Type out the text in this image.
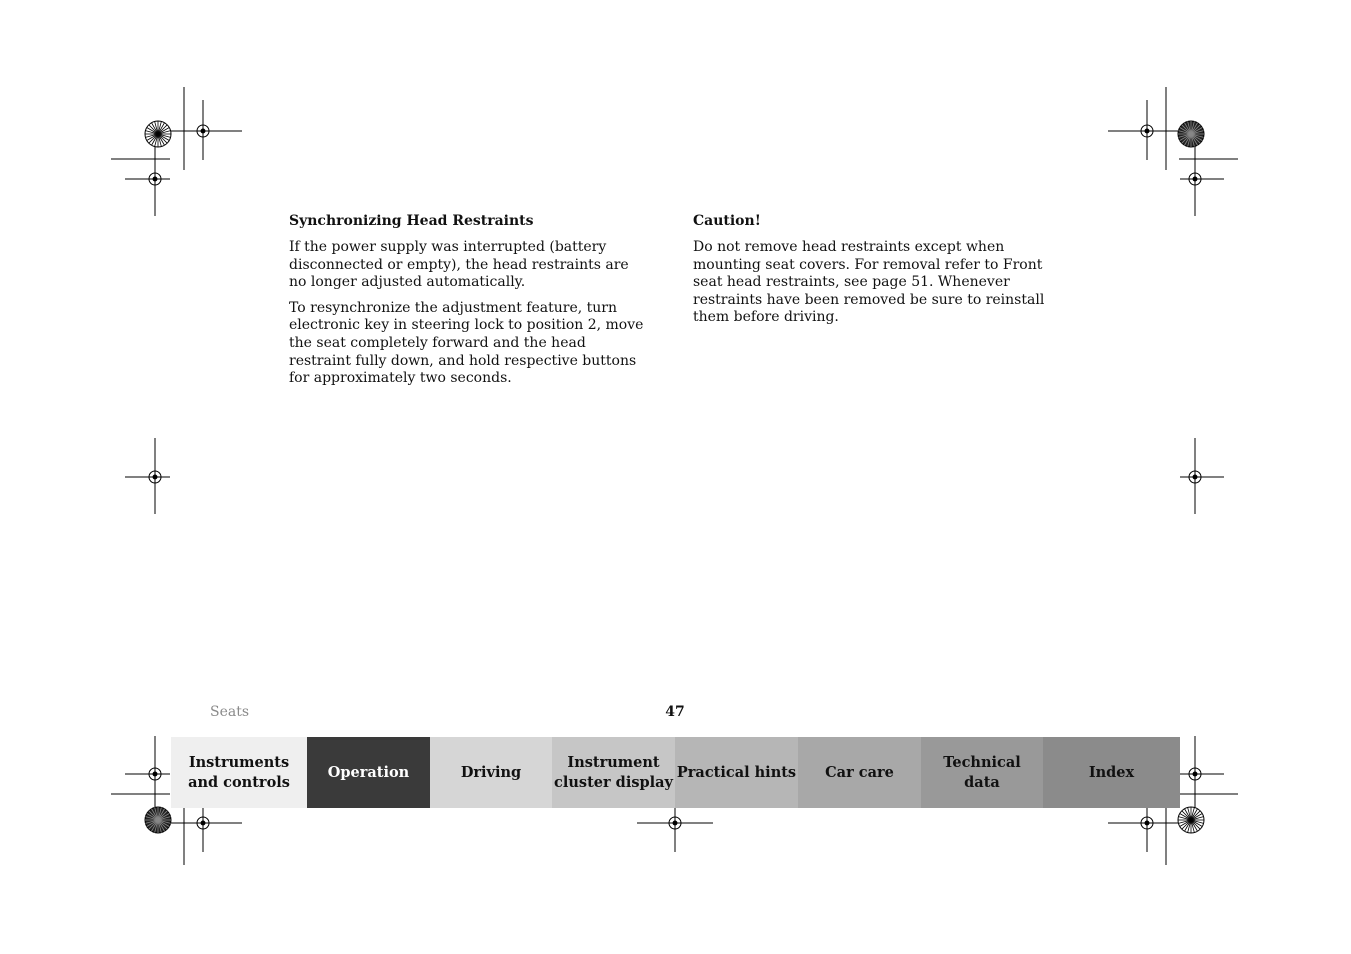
Synchronizing Head Restraints

If the power supply was interrupted (battery disconnected or empty), the head restraints are no longer adjusted automatically.

To resynchronize the adjustment feature, turn electronic key in steering lock to position 2, move the seat completely forward and the head restraint fully down, and hold respective buttons for approximately two seconds.

Caution!

Do not remove head restraints except when mounting seat covers. For removal refer to Front seat head restraints, see page 51. Whenever restraints have been removed be sure to reinstall them before driving.

Seats	47
Instruments
and controls
Operation	Driving
Instrument
cluster display
Practical hints	Car care
Technical
data
Index
